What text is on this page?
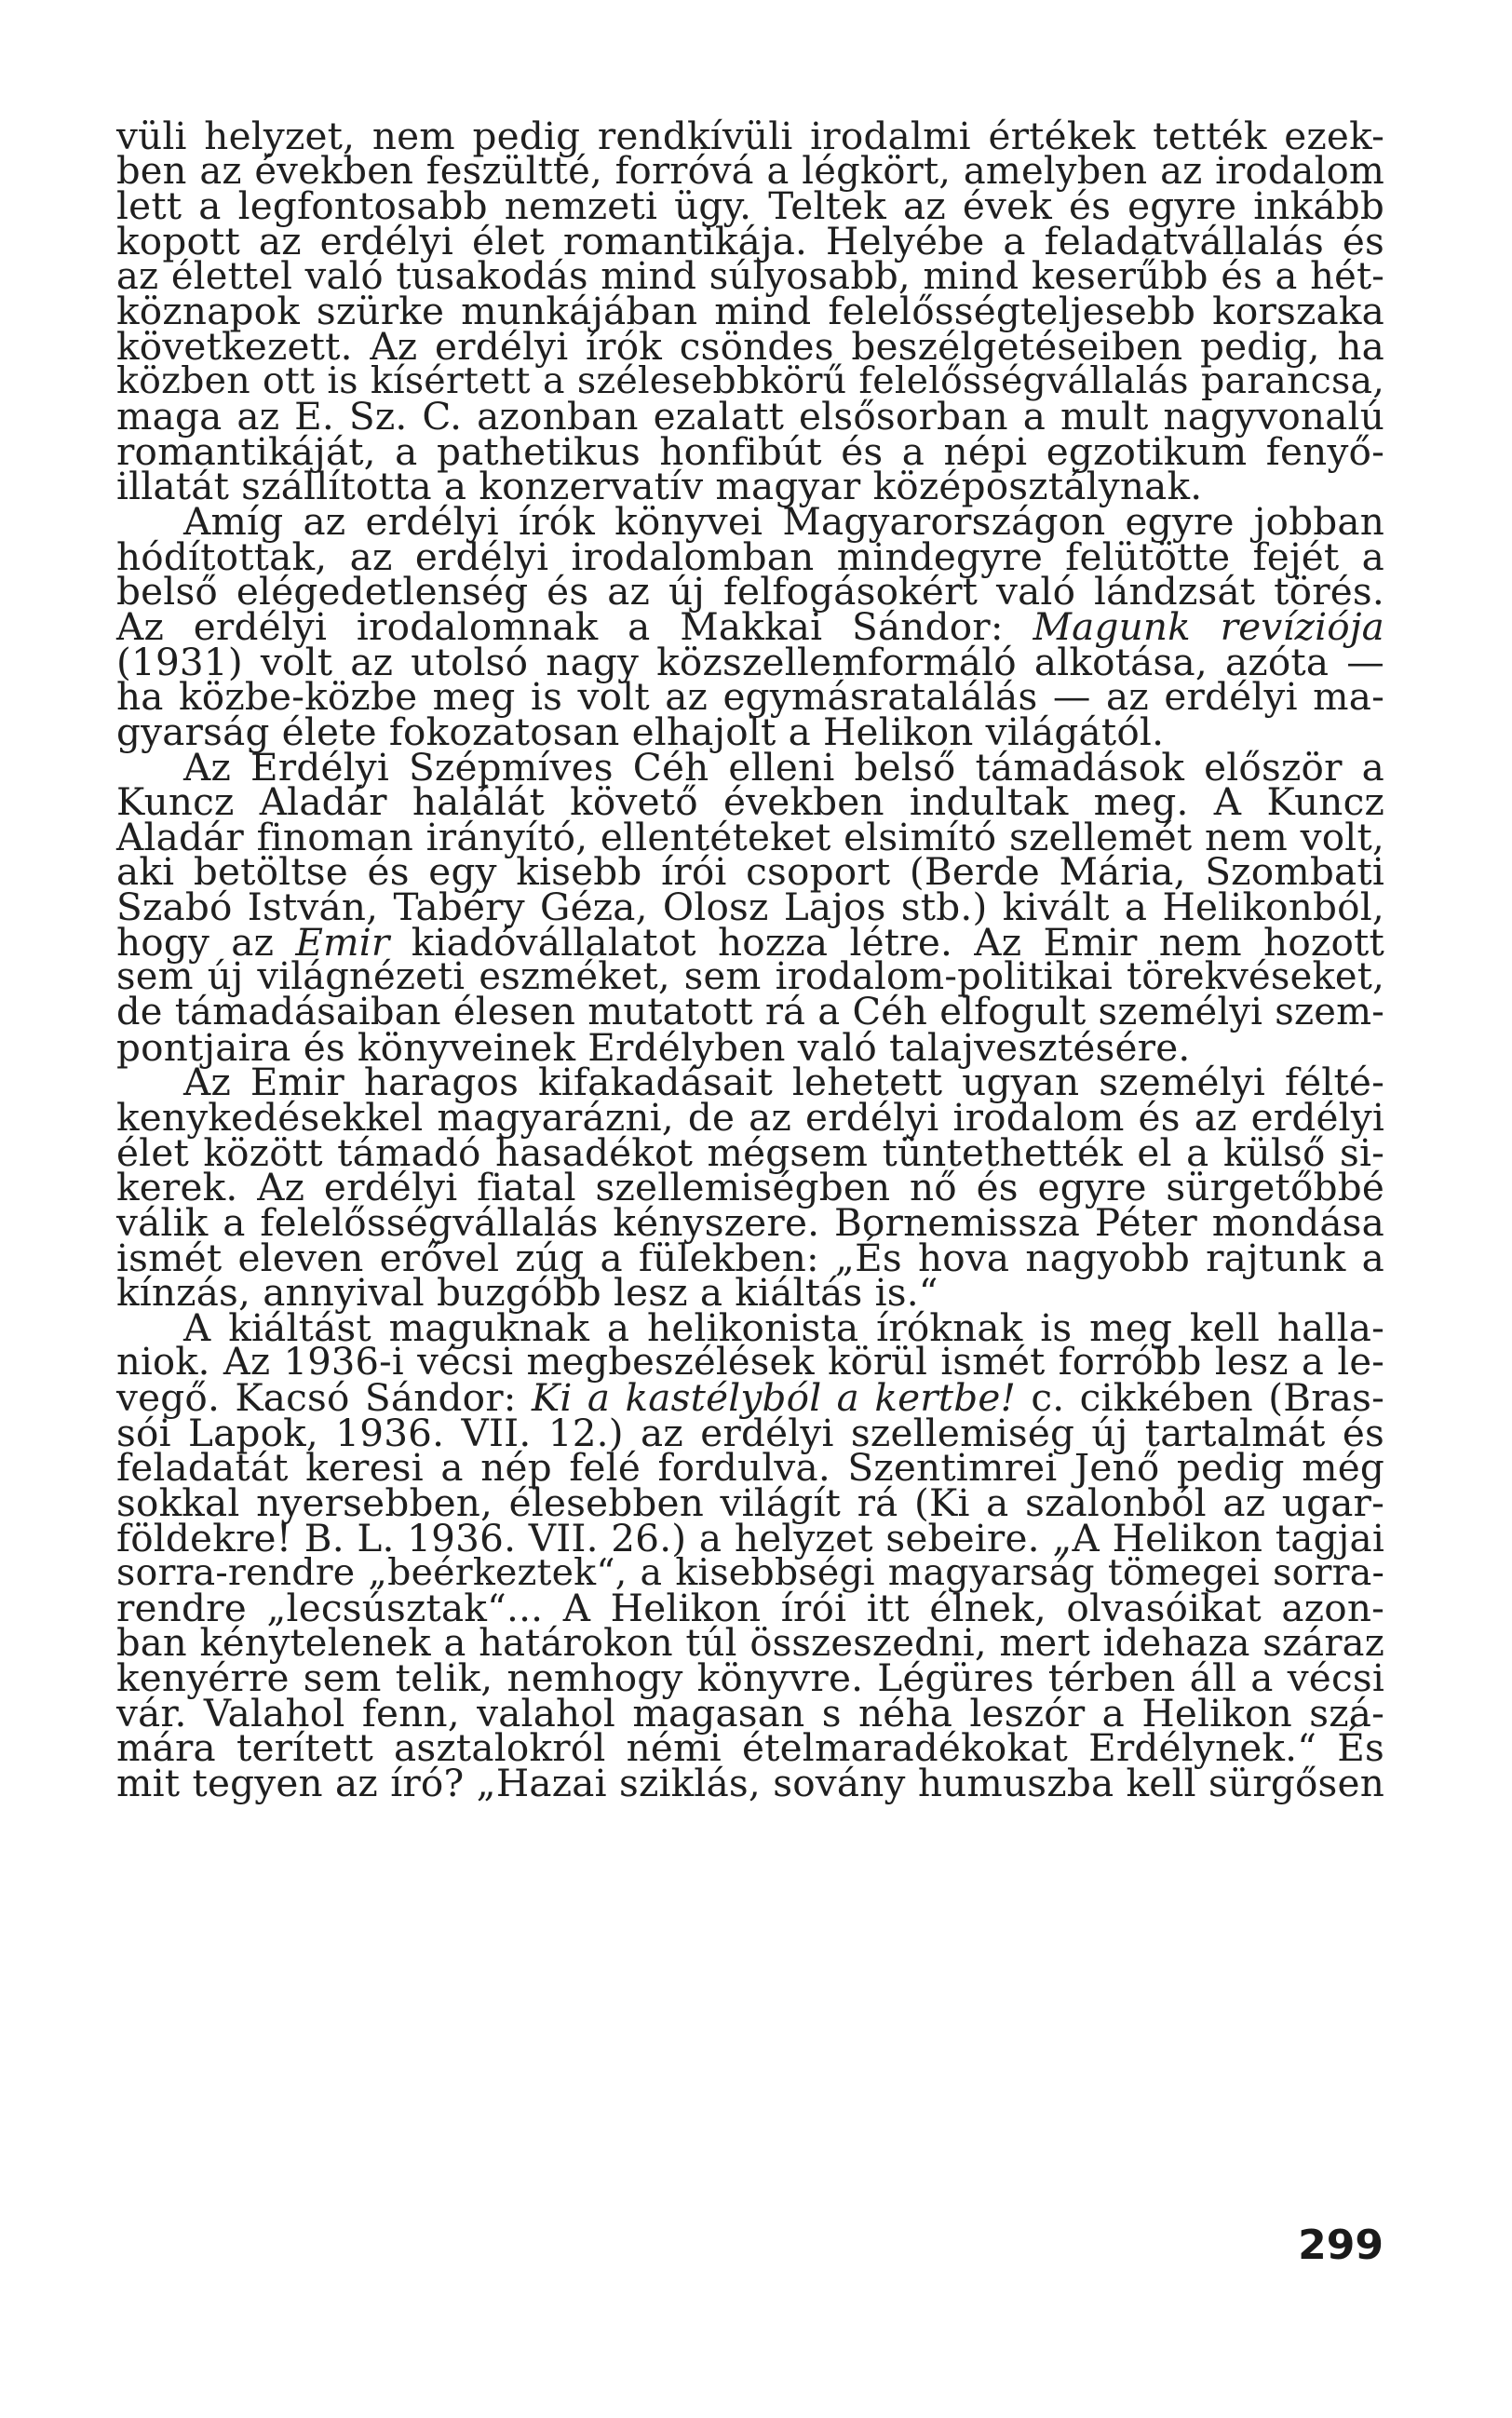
vüli helyzet, nem pedig rendkívüli irodalmi értékek tették ezek-
ben az években feszültté, forróvá a légkört, amelyben az irodalom
lett a legfontosabb nemzeti ügy. Teltek az évek és egyre inkább
kopott az erdélyi élet romantikája. Helyébe a feladatvállalás és
az élettel való tusakodás mind súlyosabb, mind keserűbb és a hét-
köznapok szürke munkájában mind felelősségteljesebb korszaka
következett. Az erdélyi írók csöndes beszélgetéseiben pedig, ha
közben ott is kísértett a szélesebbkörű felelősségvállalás parancsa,
maga az E. Sz. C. azonban ezalatt elsősorban a mult nagyvonalú
romantikáját, a pathetikus honfibút és a népi egzotikum fenyő-
illatát szállította a konzervatív magyar középosztálynak.
Amíg az erdélyi írók könyvei Magyarországon egyre jobban
hódítottak, az erdélyi irodalomban mindegyre felütötte fejét a
belső elégedetlenség és az új felfogásokért való lándzsát törés.
Az erdélyi irodalomnak a Makkai Sándor: Magunk revíziója
(1931) volt az utolsó nagy közszellemformáló alkotása, azóta —
ha közbe-közbe meg is volt az egymásratalálás — az erdélyi ma-
gyarság élete fokozatosan elhajolt a Helikon világától.
Az Erdélyi Szépmíves Céh elleni belső támadások először a
Kuncz Aladár halálát követő években indultak meg. A Kuncz
Aladár finoman irányító, ellentéteket elsimító szellemét nem volt,
aki betöltse és egy kisebb írói csoport (Berde Mária, Szombati
Szabó István, Tabéry Géza, Olosz Lajos stb.) kivált a Helikonból,
hogy az Emir kiadóvállalatot hozza létre. Az Emir nem hozott
sem új világnézeti eszméket, sem irodalom-politikai törekvéseket,
de támadásaiban élesen mutatott rá a Céh elfogult személyi szem-
pontjaira és könyveinek Erdélyben való talajvesztésére.
Az Emir haragos kifakadásait lehetett ugyan személyi félté-
kenykedésekkel magyarázni, de az erdélyi irodalom és az erdélyi
élet között támadó hasadékot mégsem tüntethették el a külső si-
kerek. Az erdélyi fiatal szellemiségben nő és egyre sürgetőbbé
válik a felelősségvállalás kényszere. Bornemissza Péter mondása
ismét eleven erővel zúg a fülekben: „És hova nagyobb rajtunk a
kínzás, annyival buzgóbb lesz a kiáltás is.“
A kiáltást maguknak a helikonista íróknak is meg kell halla-
niok. Az 1936-i vécsi megbeszélések körül ismét forróbb lesz a le-
vegő. Kacsó Sándor: Ki a kastélyból a kertbe! c. cikkében (Bras-
sói Lapok, 1936. VII. 12.) az erdélyi szellemiség új tartalmát és
feladatát keresi a nép felé fordulva. Szentimrei Jenő pedig még
sokkal nyersebben, élesebben világít rá (Ki a szalonból az ugar-
földekre! B. L. 1936. VII. 26.) a helyzet sebeire. „A Helikon tagjai
sorra-rendre „beérkeztek“, a kisebbségi magyarság tömegei sorra-
rendre „lecsúsztak“... A Helikon írói itt élnek, olvasóikat azon-
ban kénytelenek a határokon túl összeszedni, mert idehaza száraz
kenyérre sem telik, nemhogy könyvre. Légüres térben áll a vécsi
vár. Valahol fenn, valahol magasan s néha leszór a Helikon szá-
mára terített asztalokról némi ételmaradékokat Erdélynek.“ És
mit tegyen az író? „Hazai sziklás, sovány humuszba kell sürgősen
299
